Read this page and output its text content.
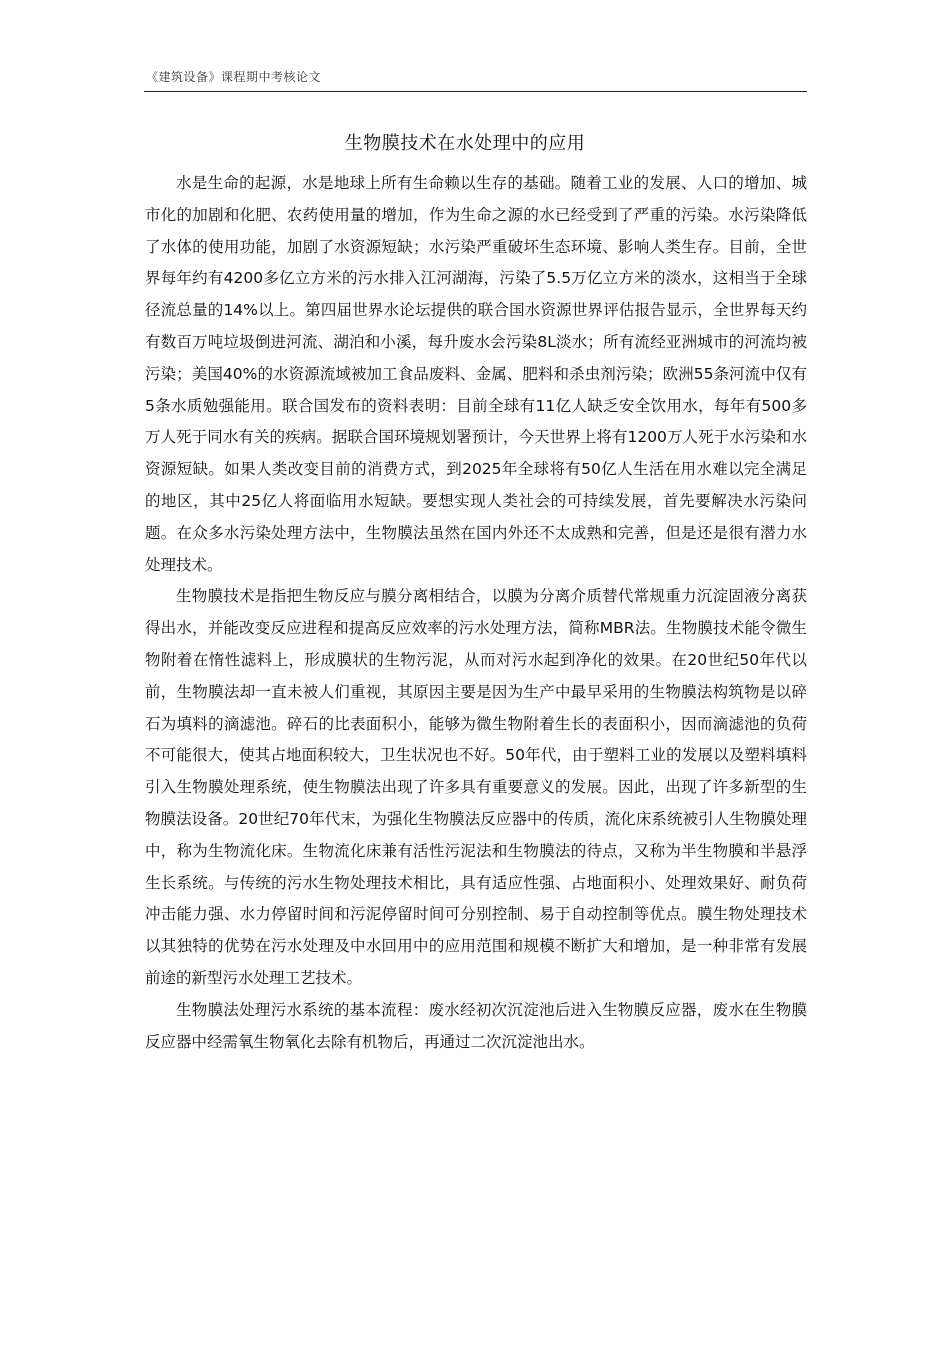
《建筑设备》课程期中考核论文
生物膜技术在水处理中的应用

水是生命的起源，水是地球上所有生命赖以生存的基础。随着工业的发展、人口的增加、城市化的加剧和化肥、农药使用量的增加，作为生命之源的水已经受到了严重的污染。水污染降低了水体的使用功能，加剧了水资源短缺；水污染严重破坏生态环境、影响人类生存。目前，全世界每年约有4200多亿立方米的污水排入江河湖海，污染了5.5万亿立方米的淡水，这相当于全球径流总量的14%以上。第四届世界水论坛提供的联合国水资源世界评估报告显示，全世界每天约有数百万吨垃圾倒进河流、湖泊和小溪，每升废水会污染8L淡水；所有流经亚洲城市的河流均被污染；美国40%的水资源流域被加工食品废料、金属、肥料和杀虫剂污染；欧洲55条河流中仅有5条水质勉强能用。联合国发布的资料表明：目前全球有11亿人缺乏安全饮用水，每年有500多万人死于同水有关的疾病。据联合国环境规划署预计，今天世界上将有1200万人死于水污染和水资源短缺。如果人类改变目前的消费方式，到2025年全球将有50亿人生活在用水难以完全满足的地区，其中25亿人将面临用水短缺。要想实现人类社会的可持续发展，首先要解决水污染问题。在众多水污染处理方法中，生物膜法虽然在国内外还不太成熟和完善，但是还是很有潜力水处理技术。

生物膜技术是指把生物反应与膜分离相结合，以膜为分离介质替代常规重力沉淀固液分离获得出水，并能改变反应进程和提高反应效率的污水处理方法，简称MBR法。生物膜技术能令微生物附着在惰性滤料上，形成膜状的生物污泥，从而对污水起到净化的效果。在20世纪50年代以前，生物膜法却一直未被人们重视，其原因主要是因为生产中最早采用的生物膜法构筑物是以碎石为填料的滴滤池。碎石的比表面积小，能够为微生物附着生长的表面积小，因而滴滤池的负荷不可能很大，使其占地面积较大，卫生状况也不好。50年代，由于塑料工业的发展以及塑料填料引入生物膜处理系统，使生物膜法出现了许多具有重要意义的发展。因此，出现了许多新型的生物膜法设备。20世纪70年代末，为强化生物膜法反应器中的传质，流化床系统被引人生物膜处理中，称为生物流化床。生物流化床兼有活性污泥法和生物膜法的待点，又称为半生物膜和半悬浮生长系统。与传统的污水生物处理技术相比，具有适应性强、占地面积小、处理效果好、耐负荷冲击能力强、水力停留时间和污泥停留时间可分别控制、易于自动控制等优点。膜生物处理技术以其独特的优势在污水处理及中水回用中的应用范围和规模不断扩大和增加，是一种非常有发展前途的新型污水处理工艺技术。

生物膜法处理污水系统的基本流程：废水经初次沉淀池后进入生物膜反应器，废水在生物膜反应器中经需氧生物氧化去除有机物后，再通过二次沉淀池出水。
